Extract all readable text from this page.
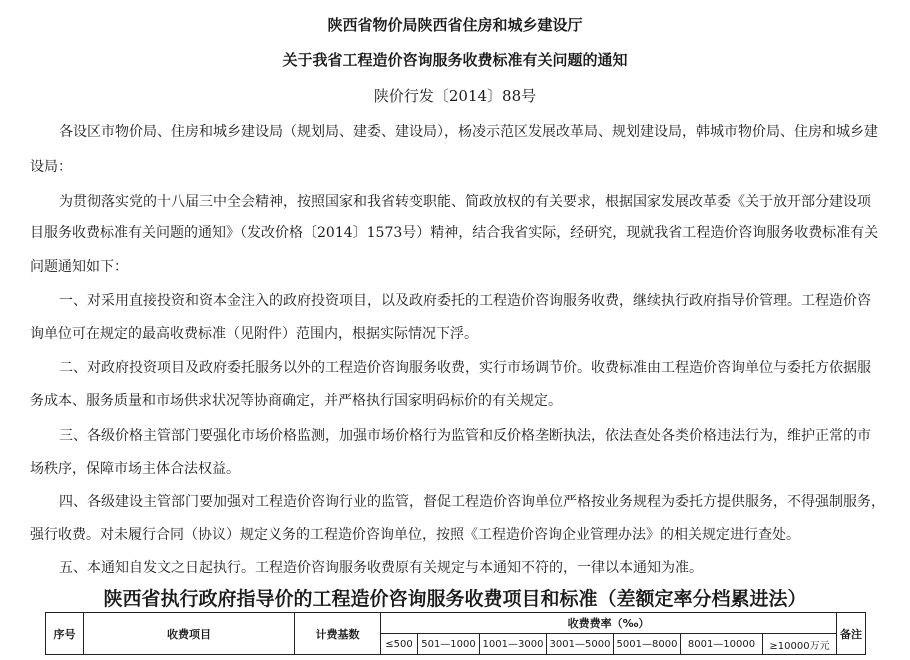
陕西省物价局陕西省住房和城乡建设厅
关于我省工程造价咨询服务收费标准有关问题的通知
陕价行发〔2014〕88号
各设区市物价局、住房和城乡建设局（规划局、建委、建设局），杨凌示范区发展改革局、规划建设局，韩城市物价局、住房和城乡建
设局：
为贯彻落实党的十八届三中全会精神，按照国家和我省转变职能、简政放权的有关要求，根据国家发展改革委《关于放开部分建设项
目服务收费标准有关问题的通知》（发改价格〔2014〕1573号）精神，结合我省实际，经研究，现就我省工程造价咨询服务收费标准有关
问题通知如下：
一、对采用直接投资和资本金注入的政府投资项目，以及政府委托的工程造价咨询服务收费，继续执行政府指导价管理。工程造价咨
询单位可在规定的最高收费标准（见附件）范围内，根据实际情况下浮。
二、对政府投资项目及政府委托服务以外的工程造价咨询服务收费，实行市场调节价。收费标准由工程造价咨询单位与委托方依据服
务成本、服务质量和市场供求状况等协商确定，并严格执行国家明码标价的有关规定。
三、各级价格主管部门要强化市场价格监测，加强市场价格行为监管和反价格垄断执法，依法查处各类价格违法行为，维护正常的市
场秩序，保障市场主体合法权益。
四、各级建设主管部门要加强对工程造价咨询行业的监管，督促工程造价咨询单位严格按业务规程为委托方提供服务，不得强制服务，
强行收费。对未履行合同（协议）规定义务的工程造价咨询单位，按照《工程造价咨询企业管理办法》的相关规定进行查处。
五、本通知自发文之日起执行。工程造价咨询服务收费原有关规定与本通知不符的，一律以本通知为准。
陕西省执行政府指导价的工程造价咨询服务收费项目和标准（差额定率分档累进法）
序号	收费项目	计费基数	收费费率（‰）							备注
			≤500	501—1000	1001—3000	3001—5000	5001—8000	8001—10000	≥10000万元	
